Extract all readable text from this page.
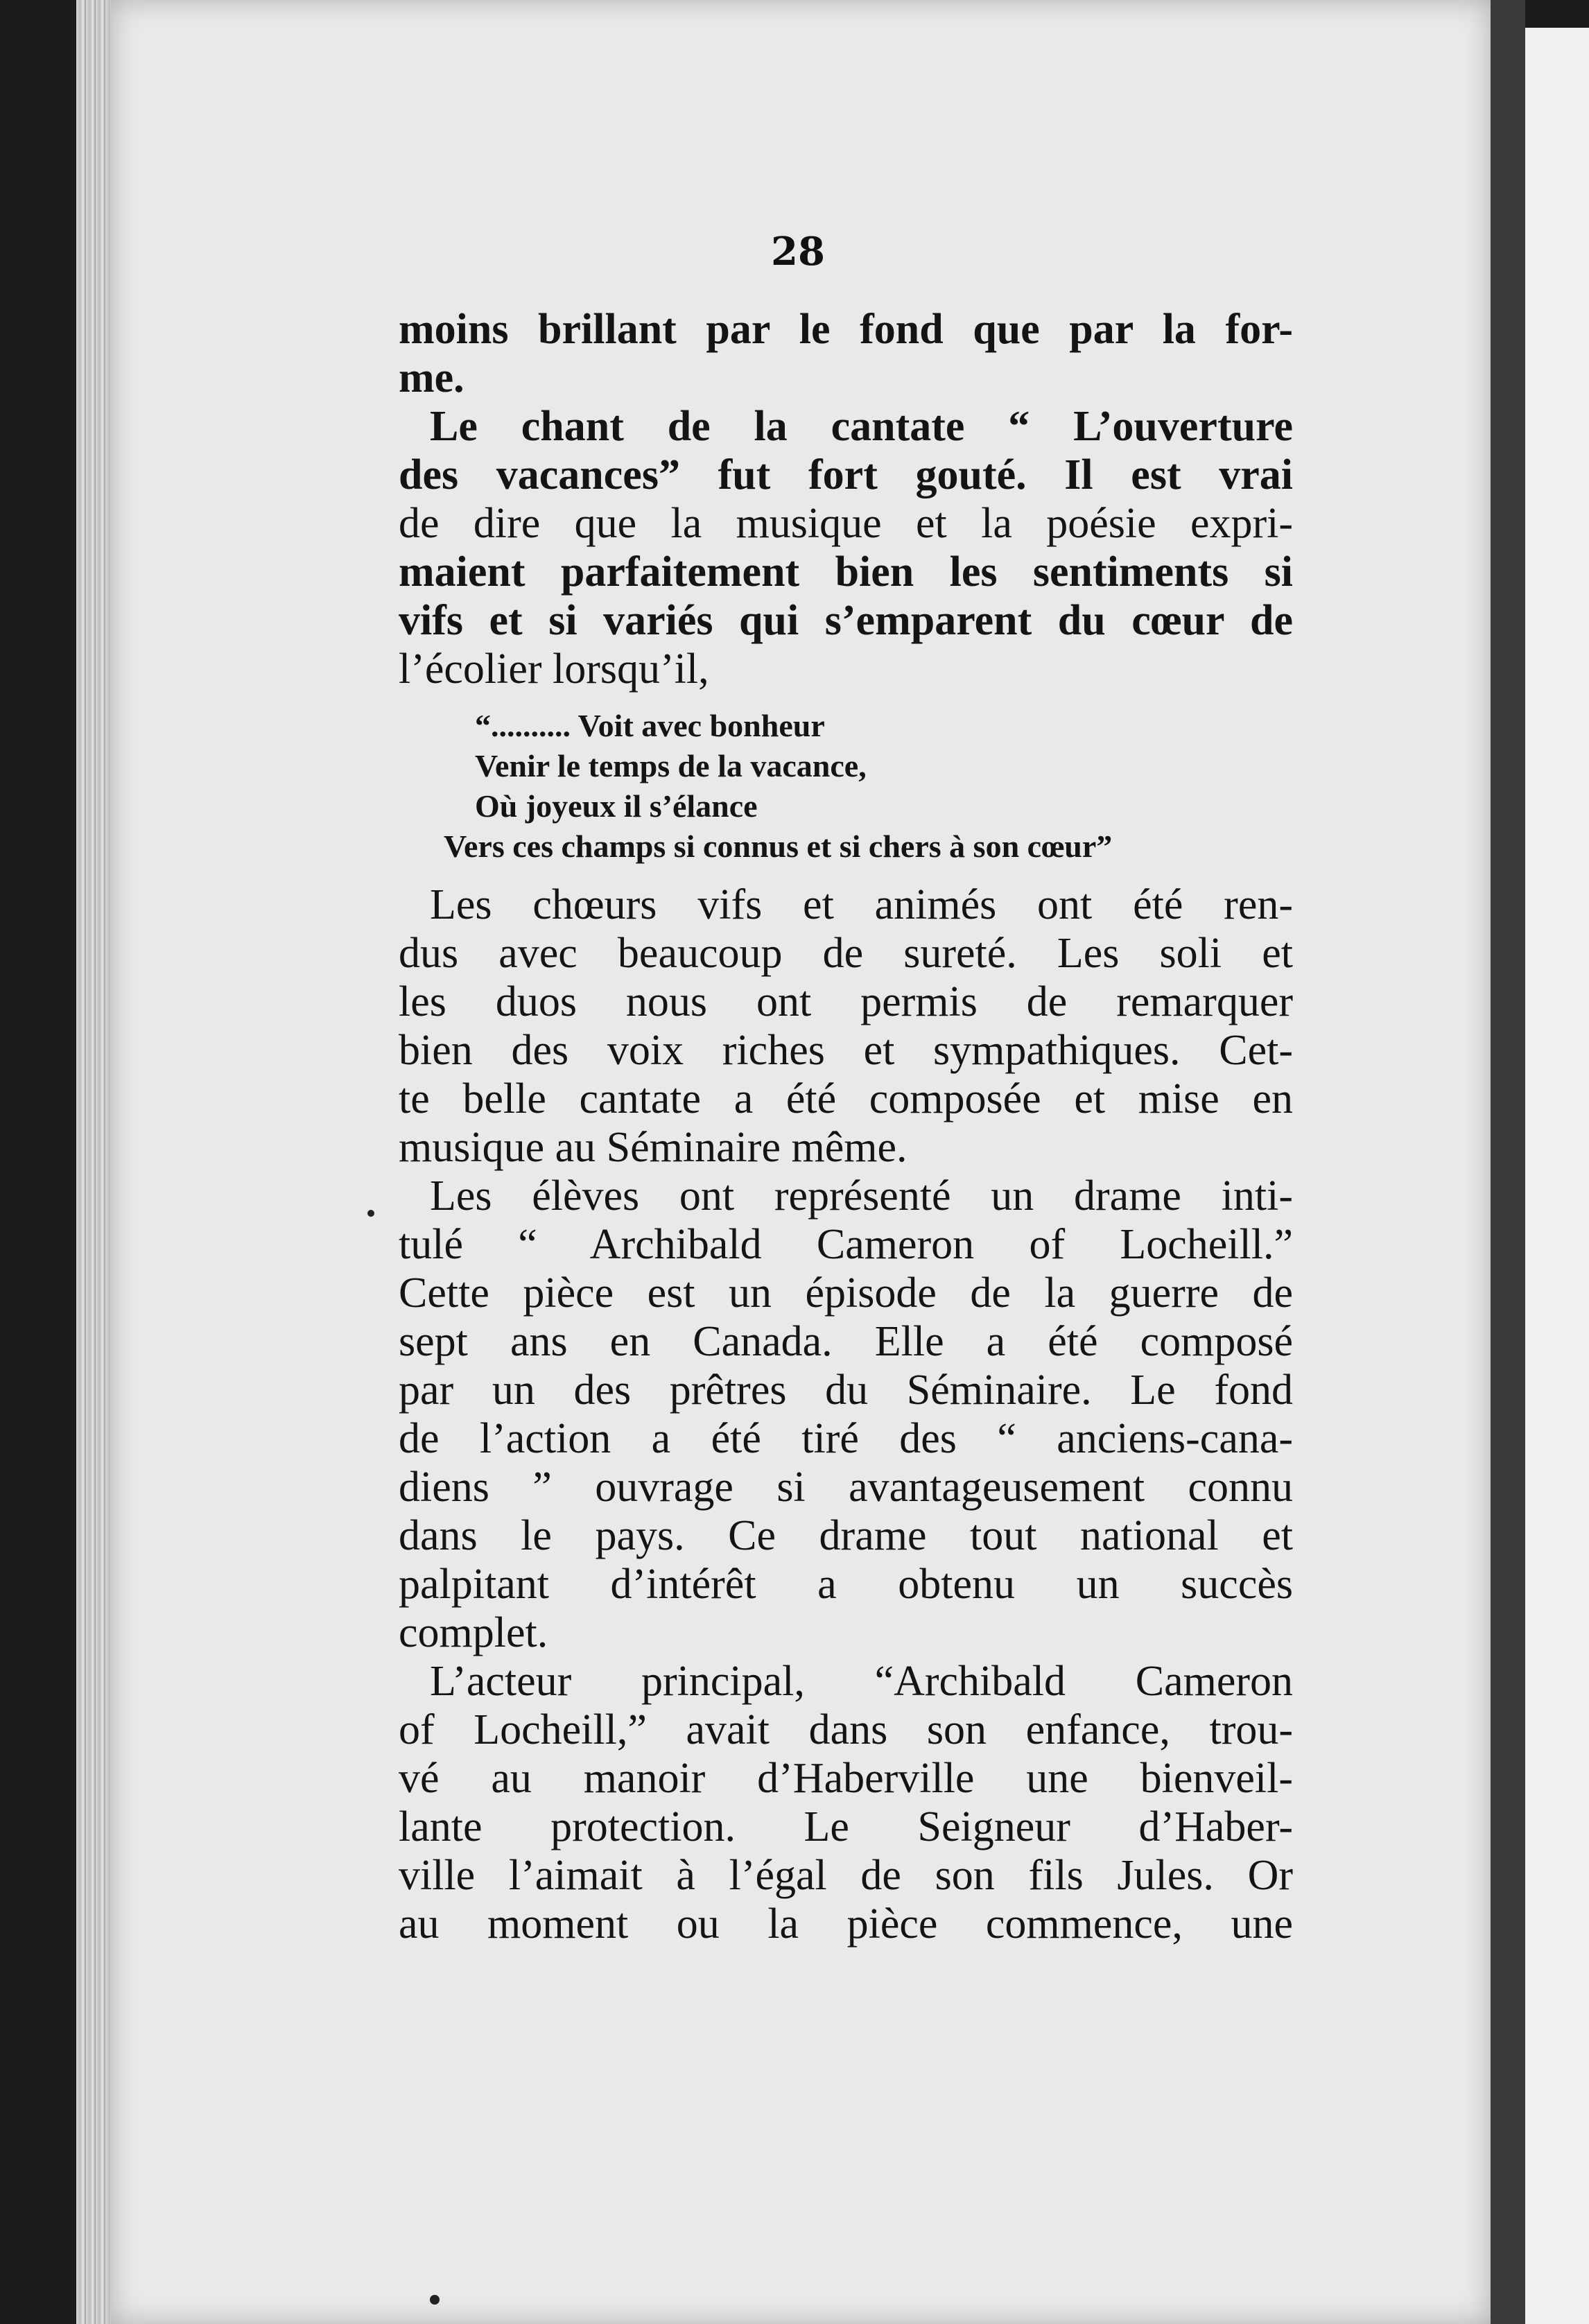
28
moins brillant par le fond que par la for-
me.
Le chant de la cantate “ L’ouverture
des vacances” fut fort gouté. Il est vrai
de dire que la musique et la poésie expri-
maient parfaitement bien les sentiments si
vifs et si variés qui s’emparent du cœur de
l’écolier lorsqu’il,
“.......... Voit avec bonheur
Venir le temps de la vacance,
Où joyeux il s’élance
Vers ces champs si connus et si chers à son cœur”
Les chœurs vifs et animés ont été ren-
dus avec beaucoup de sureté. Les soli et
les duos nous ont permis de remarquer
bien des voix riches et sympathiques. Cet-
te belle cantate a été composée et mise en
musique au Séminaire même.
Les élèves ont représenté un drame inti-
tulé “ Archibald Cameron of Locheill.”
Cette pièce est un épisode de la guerre de
sept ans en Canada. Elle a été composé
par un des prêtres du Séminaire. Le fond
de l’action a été tiré des “ anciens-cana-
diens ” ouvrage si avantageusement connu
dans le pays. Ce drame tout national et
palpitant d’intérêt a obtenu un succès
complet.
L’acteur principal, “Archibald Cameron
of Locheill,” avait dans son enfance, trou-
vé au manoir d’Haberville une bienveil-
lante protection. Le Seigneur d’Haber-
ville l’aimait à l’égal de son fils Jules. Or
au moment ou la pièce commence, une
